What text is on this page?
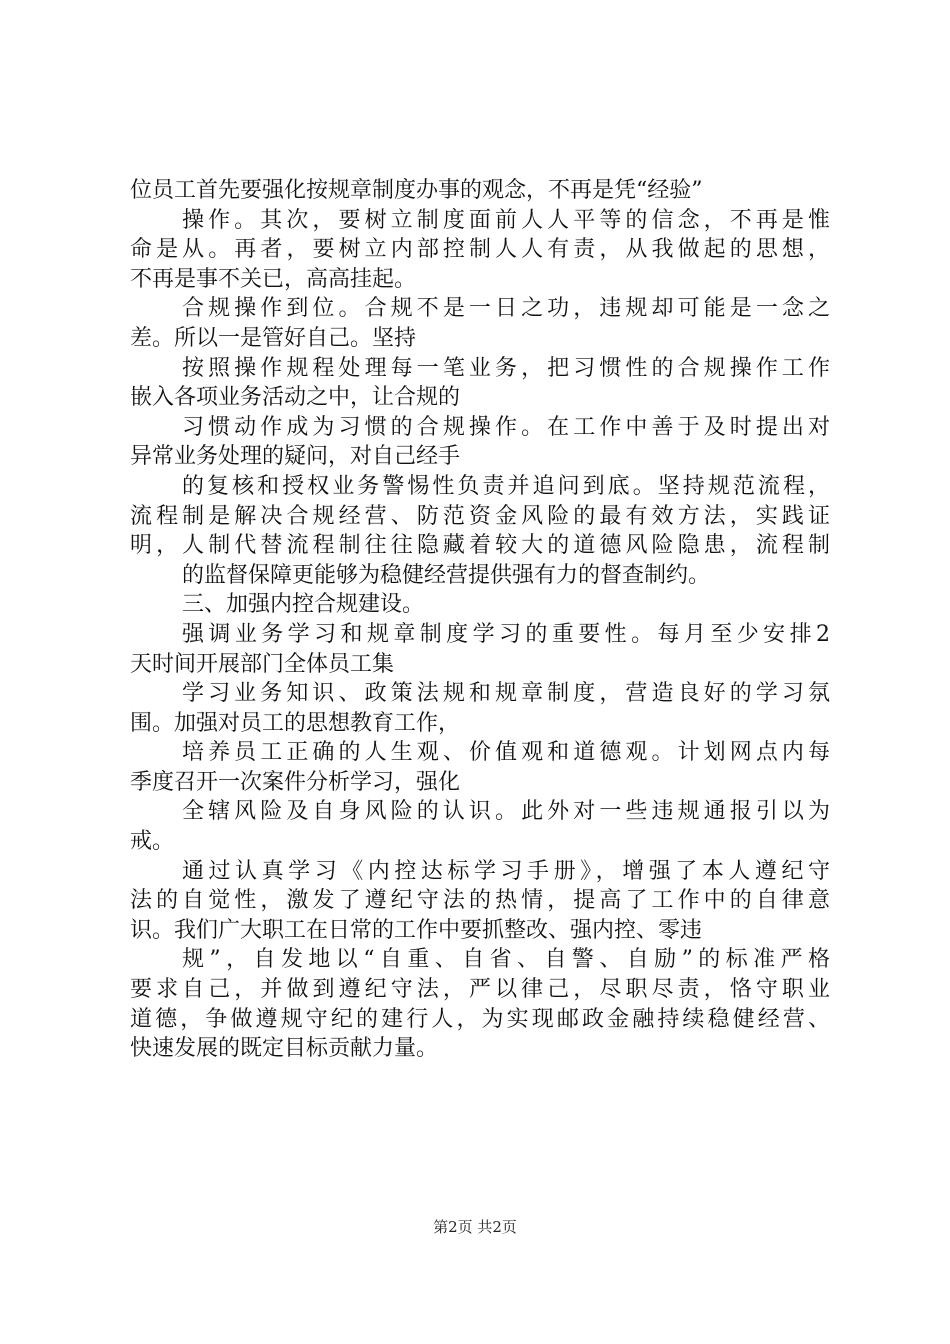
位员工首先要强化按规章制度办事的观念，不再是凭“经验”
操作。其次，要树立制度面前人人平等的信念，不再是惟
命是从。再者，要树立内部控制人人有责，从我做起的思想，
不再是事不关已，高高挂起。
合规操作到位。合规不是一日之功，违规却可能是一念之
差。所以一是管好自己。坚持
按照操作规程处理每一笔业务，把习惯性的合规操作工作
嵌入各项业务活动之中，让合规的
习惯动作成为习惯的合规操作。在工作中善于及时提出对
异常业务处理的疑问，对自己经手
的复核和授权业务警惕性负责并追问到底。坚持规范流程，
流程制是解决合规经营、防范资金风险的最有效方法，实践证
明，人制代替流程制往往隐藏着较大的道德风险隐患，流程制
的监督保障更能够为稳健经营提供强有力的督查制约。
三、加强内控合规建设。
强调业务学习和规章制度学习的重要性。每月至少安排2
天时间开展部门全体员工集
学习业务知识、政策法规和规章制度，营造良好的学习氛
围。加强对员工的思想教育工作，
培养员工正确的人生观、价值观和道德观。计划网点内每
季度召开一次案件分析学习，强化
全辖风险及自身风险的认识。此外对一些违规通报引以为
戒。
通过认真学习《内控达标学习手册》，增强了本人遵纪守
法的自觉性，激发了遵纪守法的热情，提高了工作中的自律意
识。我们广大职工在日常的工作中要抓整改、强内控、零违
规”，自发地以“自重、自省、自警、自励”的标准严格
要求自己，并做到遵纪守法，严以律己，尽职尽责，恪守职业
道德，争做遵规守纪的建行人，为实现邮政金融持续稳健经营、
快速发展的既定目标贡献力量。
第2页 共2页
